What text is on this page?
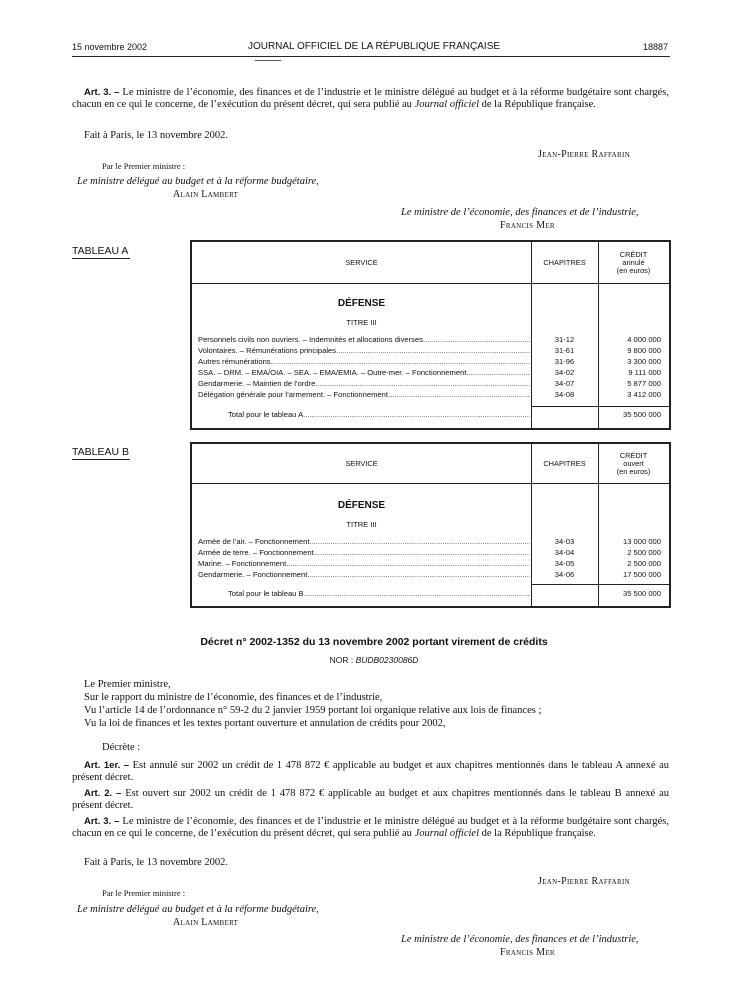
15 novembre 2002	JOURNAL OFFICIEL DE LA RÉPUBLIQUE FRANÇAISE	18887

Art. 3. – Le ministre de l’économie, des finances et de l’industrie et le ministre délégué au budget et à la réforme budgétaire sont chargés, chacun en ce qui le concerne, de l’exécution du présent décret, qui sera publié au Journal officiel de la République française.

Fait à Paris, le 13 novembre 2002.
Jean-Pierre Raffarin
Par le Premier ministre :
Le ministre délégué au budget et à la réforme budgétaire,
Alain Lambert
Le ministre de l’économie, des finances et de l’industrie,
Francis Mer
TABLEAU A
SERVICE	CHAPITRES
CRÉDIT
annulé
(en euros)
DÉFENSE
TITRE III
Personnels civils non ouvriers. – Indemnités et allocations diverses .....	31-12	4 000 000
Volontaires. – Rémunérations principales .....	31-61	9 800 000
Autres rémunérations .....	31-96	3 300 000
SSA. – DRM. – EMA/OIA. – SEA. – EMA/EMIA. – Outre-mer. – Fonctionnement .....	34-02	9 111 000
Gendarmerie. – Maintien de l’ordre .....	34-07	5 877 000
Délégation générale pour l’armement. – Fonctionnement .....	34-08	3 412 000
Total pour le tableau A .....	35 500 000
TABLEAU B
SERVICE	CHAPITRES
CRÉDIT
ouvert
(en euros)
DÉFENSE
TITRE III
Armée de l’air. – Fonctionnement .....	34-03	13 000 000
Armée de terre. – Fonctionnement .....	34-04	2 500 000
Marine. – Fonctionnement .....	34-05	2 500 000
Gendarmerie. – Fonctionnement .....	34-06	17 500 000
Total pour le tableau B .....	35 500 000
Décret n° 2002-1352 du 13 novembre 2002 portant virement de crédits
NOR : BUDB0230086D
Le Premier ministre,
Sur le rapport du ministre de l’économie, des finances et de l’industrie,
Vu l’article 14 de l’ordonnance n° 59-2 du 2 janvier 1959 portant loi organique relative aux lois de finances ;
Vu la loi de finances et les textes portant ouverture et annulation de crédits pour 2002,
Décrète :

Art. 1er. – Est annulé sur 2002 un crédit de 1 478 872 € applicable au budget et aux chapitres mentionnés dans le tableau A annexé au présent décret.

Art. 2. – Est ouvert sur 2002 un crédit de 1 478 872 € applicable au budget et aux chapitres mentionnés dans le tableau B annexé au présent décret.

Art. 3. – Le ministre de l’économie, des finances et de l’industrie et le ministre délégué au budget et à la réforme budgétaire sont chargés, chacun en ce qui le concerne, de l’exécution du présent décret, qui sera publié au Journal officiel de la République française.

Fait à Paris, le 13 novembre 2002.
Jean-Pierre Raffarin
Par le Premier ministre :
Le ministre délégué au budget et à la réforme budgétaire,
Alain Lambert
Le ministre de l’économie, des finances et de l’industrie,
Francis Mer
